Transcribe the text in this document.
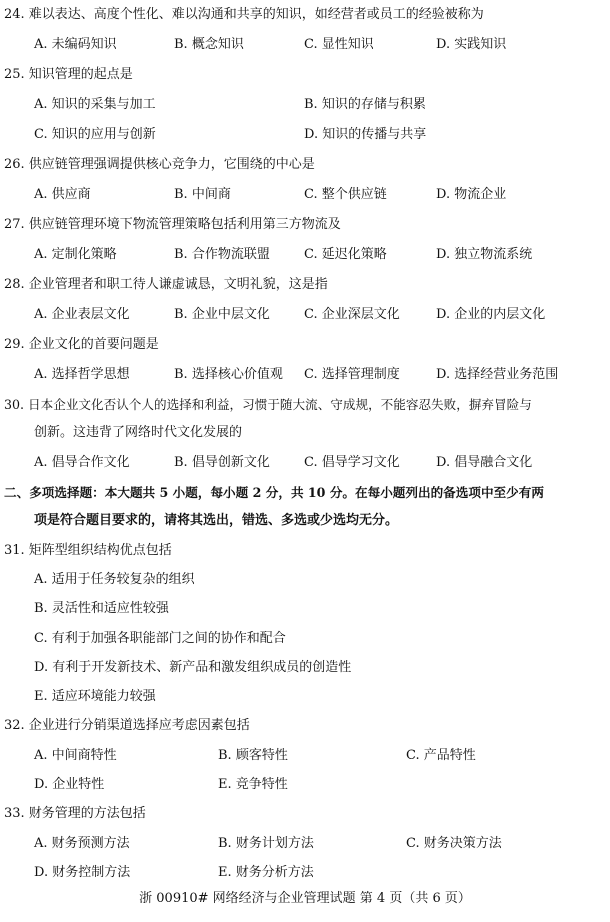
24. 难以表达、高度个性化、难以沟通和共享的知识，如经营者或员工的经验被称为
A. 未编码知识	B. 概念知识	C. 显性知识	D. 实践知识
25. 知识管理的起点是
A. 知识的采集与加工	B. 知识的存储与积累
C. 知识的应用与创新	D. 知识的传播与共享
26. 供应链管理强调提供核心竞争力，它围绕的中心是
A. 供应商	B. 中间商	C. 整个供应链	D. 物流企业
27. 供应链管理环境下物流管理策略包括利用第三方物流及
A. 定制化策略	B. 合作物流联盟	C. 延迟化策略	D. 独立物流系统
28. 企业管理者和职工待人谦虚诚恳，文明礼貌，这是指
A. 企业表层文化	B. 企业中层文化	C. 企业深层文化	D. 企业的内层文化
29. 企业文化的首要问题是
A. 选择哲学思想	B. 选择核心价值观 C. 选择管理制度	D. 选择经营业务范围
30. 日本企业文化否认个人的选择和利益，习惯于随大流、守成规，不能容忍失败，摒弃冒险与
创新。这违背了网络时代文化发展的
A. 倡导合作文化	B. 倡导创新文化	C. 倡导学习文化	D. 倡导融合文化
二、多项选择题：本大题共 5 小题，每小题 2 分，共 10 分。在每小题列出的备选项中至少有两
项是符合题目要求的，请将其选出，错选、多选或少选均无分。
31. 矩阵型组织结构优点包括
A. 适用于任务较复杂的组织
B. 灵活性和适应性较强
C. 有利于加强各职能部门之间的协作和配合
D. 有利于开发新技术、新产品和激发组织成员的创造性
E. 适应环境能力较强
32. 企业进行分销渠道选择应考虑因素包括
A. 中间商特性	B. 顾客特性	C. 产品特性
D. 企业特性	E. 竞争特性
33. 财务管理的方法包括
A. 财务预测方法	B. 财务计划方法	C. 财务决策方法
D. 财务控制方法	E. 财务分析方法
浙 00910# 网络经济与企业管理试题 第 4 页（共 6 页）
